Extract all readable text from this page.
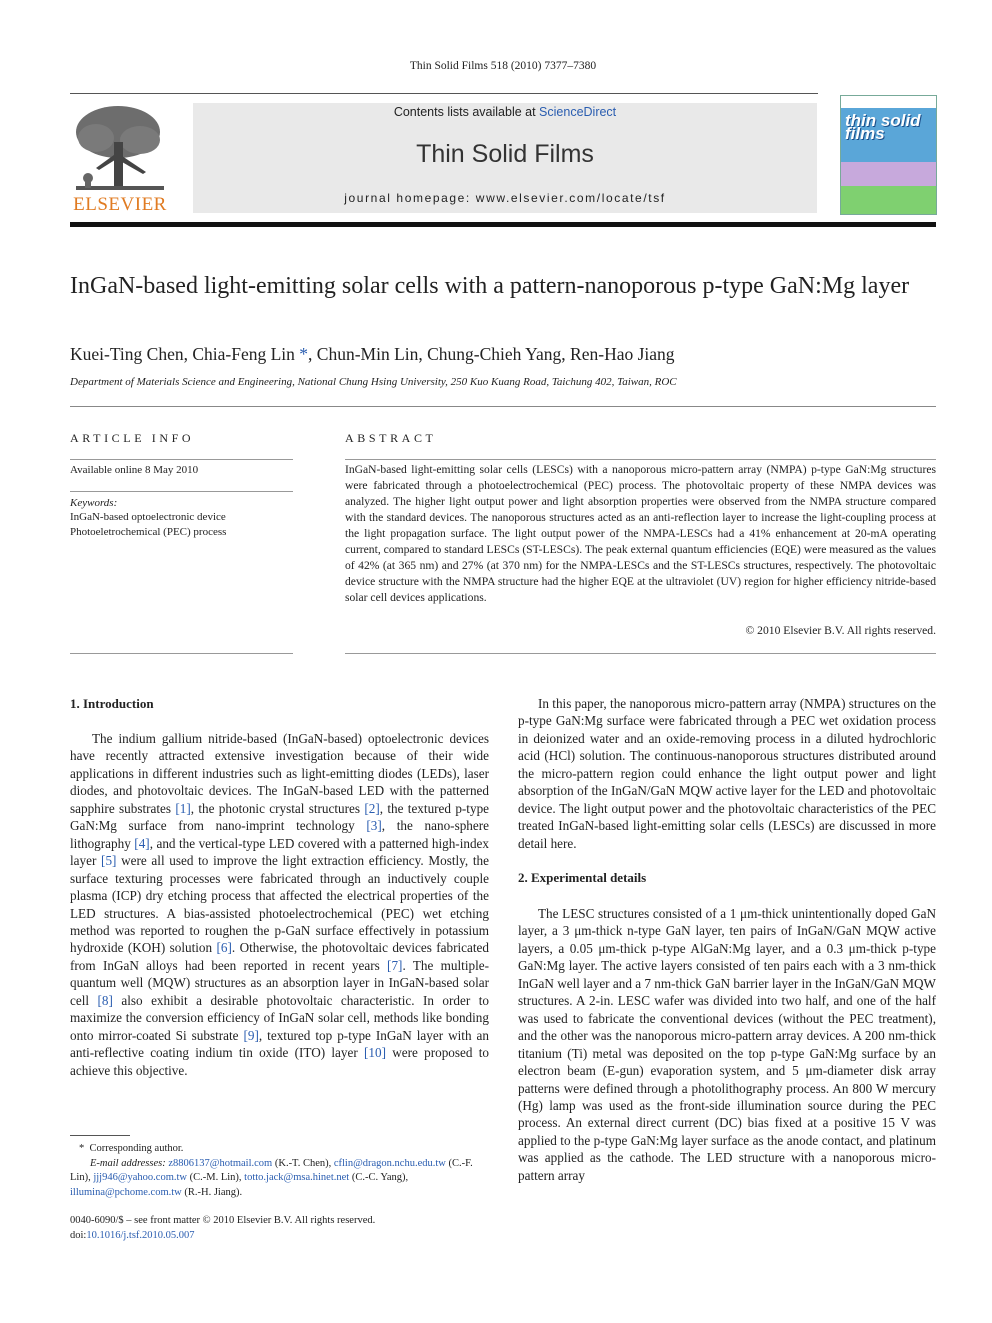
Thin Solid Films 518 (2010) 7377–7380
ELSEVIER
Contents lists available at ScienceDirect
Thin Solid Films
journal homepage: www.elsevier.com/locate/tsf
thin solid films
InGaN-based light-emitting solar cells with a pattern-nanoporous p-type GaN:Mg layer
Kuei-Ting Chen, Chia-Feng Lin *, Chun-Min Lin, Chung-Chieh Yang, Ren-Hao Jiang
Department of Materials Science and Engineering, National Chung Hsing University, 250 Kuo Kuang Road, Taichung 402, Taiwan, ROC
ARTICLE INFO
Available online 8 May 2010
Keywords:
InGaN-based optoelectronic device
Photoeletrochemical (PEC) process
ABSTRACT
InGaN-based light-emitting solar cells (LESCs) with a nanoporous micro-pattern array (NMPA) p-type GaN:Mg structures were fabricated through a photoelectrochemical (PEC) process. The photovoltaic property of these NMPA devices was analyzed. The higher light output power and light absorption properties were observed from the NMPA structure compared with the standard devices. The nanoporous structures acted as an anti-reflection layer to increase the light-coupling process at the light propagation surface. The light output power of the NMPA-LESCs had a 41% enhancement at 20-mA operating current, compared to standard LESCs (ST-LESCs). The peak external quantum efficiencies (EQE) were measured as the values of 42% (at 365 nm) and 27% (at 370 nm) for the NMPA-LESCs and the ST-LESCs structures, respectively. The photovoltaic device structure with the NMPA structure had the higher EQE at the ultraviolet (UV) region for higher efficiency nitride-based solar cell devices applications.
© 2010 Elsevier B.V. All rights reserved.
1. Introduction
The indium gallium nitride-based (InGaN-based) optoelectronic devices have recently attracted extensive investigation because of their wide applications in different industries such as light-emitting diodes (LEDs), laser diodes, and photovoltaic devices. The InGaN-based LED with the patterned sapphire substrates [1], the photonic crystal structures [2], the textured p-type GaN:Mg surface from nano-imprint technology [3], the nano-sphere lithography [4], and the vertical-type LED covered with a patterned high-index layer [5] were all used to improve the light extraction efficiency. Mostly, the surface texturing processes were fabricated through an inductively couple plasma (ICP) dry etching process that affected the electrical properties of the LED structures. A bias-assisted photoelectrochemical (PEC) wet etching method was reported to roughen the p-GaN surface effectively in potassium hydroxide (KOH) solution [6]. Otherwise, the photovoltaic devices fabricated from InGaN alloys had been reported in recent years [7]. The multiple-quantum well (MQW) structures as an absorption layer in InGaN-based solar cell [8] also exhibit a desirable photovoltaic characteristic. In order to maximize the conversion efficiency of InGaN solar cell, methods like bonding onto mirror-coated Si substrate [9], textured top p-type InGaN layer with an anti-reflective coating indium tin oxide (ITO) layer [10] were proposed to achieve this objective.
In this paper, the nanoporous micro-pattern array (NMPA) structures on the p-type GaN:Mg surface were fabricated through a PEC wet oxidation process in deionized water and an oxide-removing process in a diluted hydrochloric acid (HCl) solution. The continuous-nanoporous structures distributed around the micro-pattern region could enhance the light output power and light absorption of the InGaN/GaN MQW active layer for the LED and photovoltaic device. The light output power and the photovoltaic characteristics of the PEC treated InGaN-based light-emitting solar cells (LESCs) are discussed in more detail here.
2. Experimental details
The LESC structures consisted of a 1 μm-thick unintentionally doped GaN layer, a 3 μm-thick n-type GaN layer, ten pairs of InGaN/GaN MQW active layers, a 0.05 μm-thick p-type AlGaN:Mg layer, and a 0.3 μm-thick p-type GaN:Mg layer. The active layers consisted of ten pairs each with a 3 nm-thick InGaN well layer and a 7 nm-thick GaN barrier layer in the InGaN/GaN MQW structures. A 2-in. LESC wafer was divided into two half, and one of the half was used to fabricate the conventional devices (without the PEC treatment), and the other was the nanoporous micro-pattern array devices. A 200 nm-thick titanium (Ti) metal was deposited on the top p-type GaN:Mg surface by an electron beam (E-gun) evaporation system, and 5 μm-diameter disk array patterns were defined through a photolithography process. An 800 W mercury (Hg) lamp was used as the front-side illumination source during the PEC process. An external direct current (DC) bias fixed at a positive 15 V was applied to the p-type GaN:Mg layer surface as the anode contact, and platinum was applied as the cathode. The LED structure with a nanoporous micro-pattern array
* Corresponding author.
E-mail addresses: z8806137@hotmail.com (K.-T. Chen), cflin@dragon.nchu.edu.tw (C.-F. Lin), jjj946@yahoo.com.tw (C.-M. Lin), totto.jack@msa.hinet.net (C.-C. Yang), illumina@pchome.com.tw (R.-H. Jiang).
0040-6090/$ – see front matter © 2010 Elsevier B.V. All rights reserved.
doi:10.1016/j.tsf.2010.05.007
